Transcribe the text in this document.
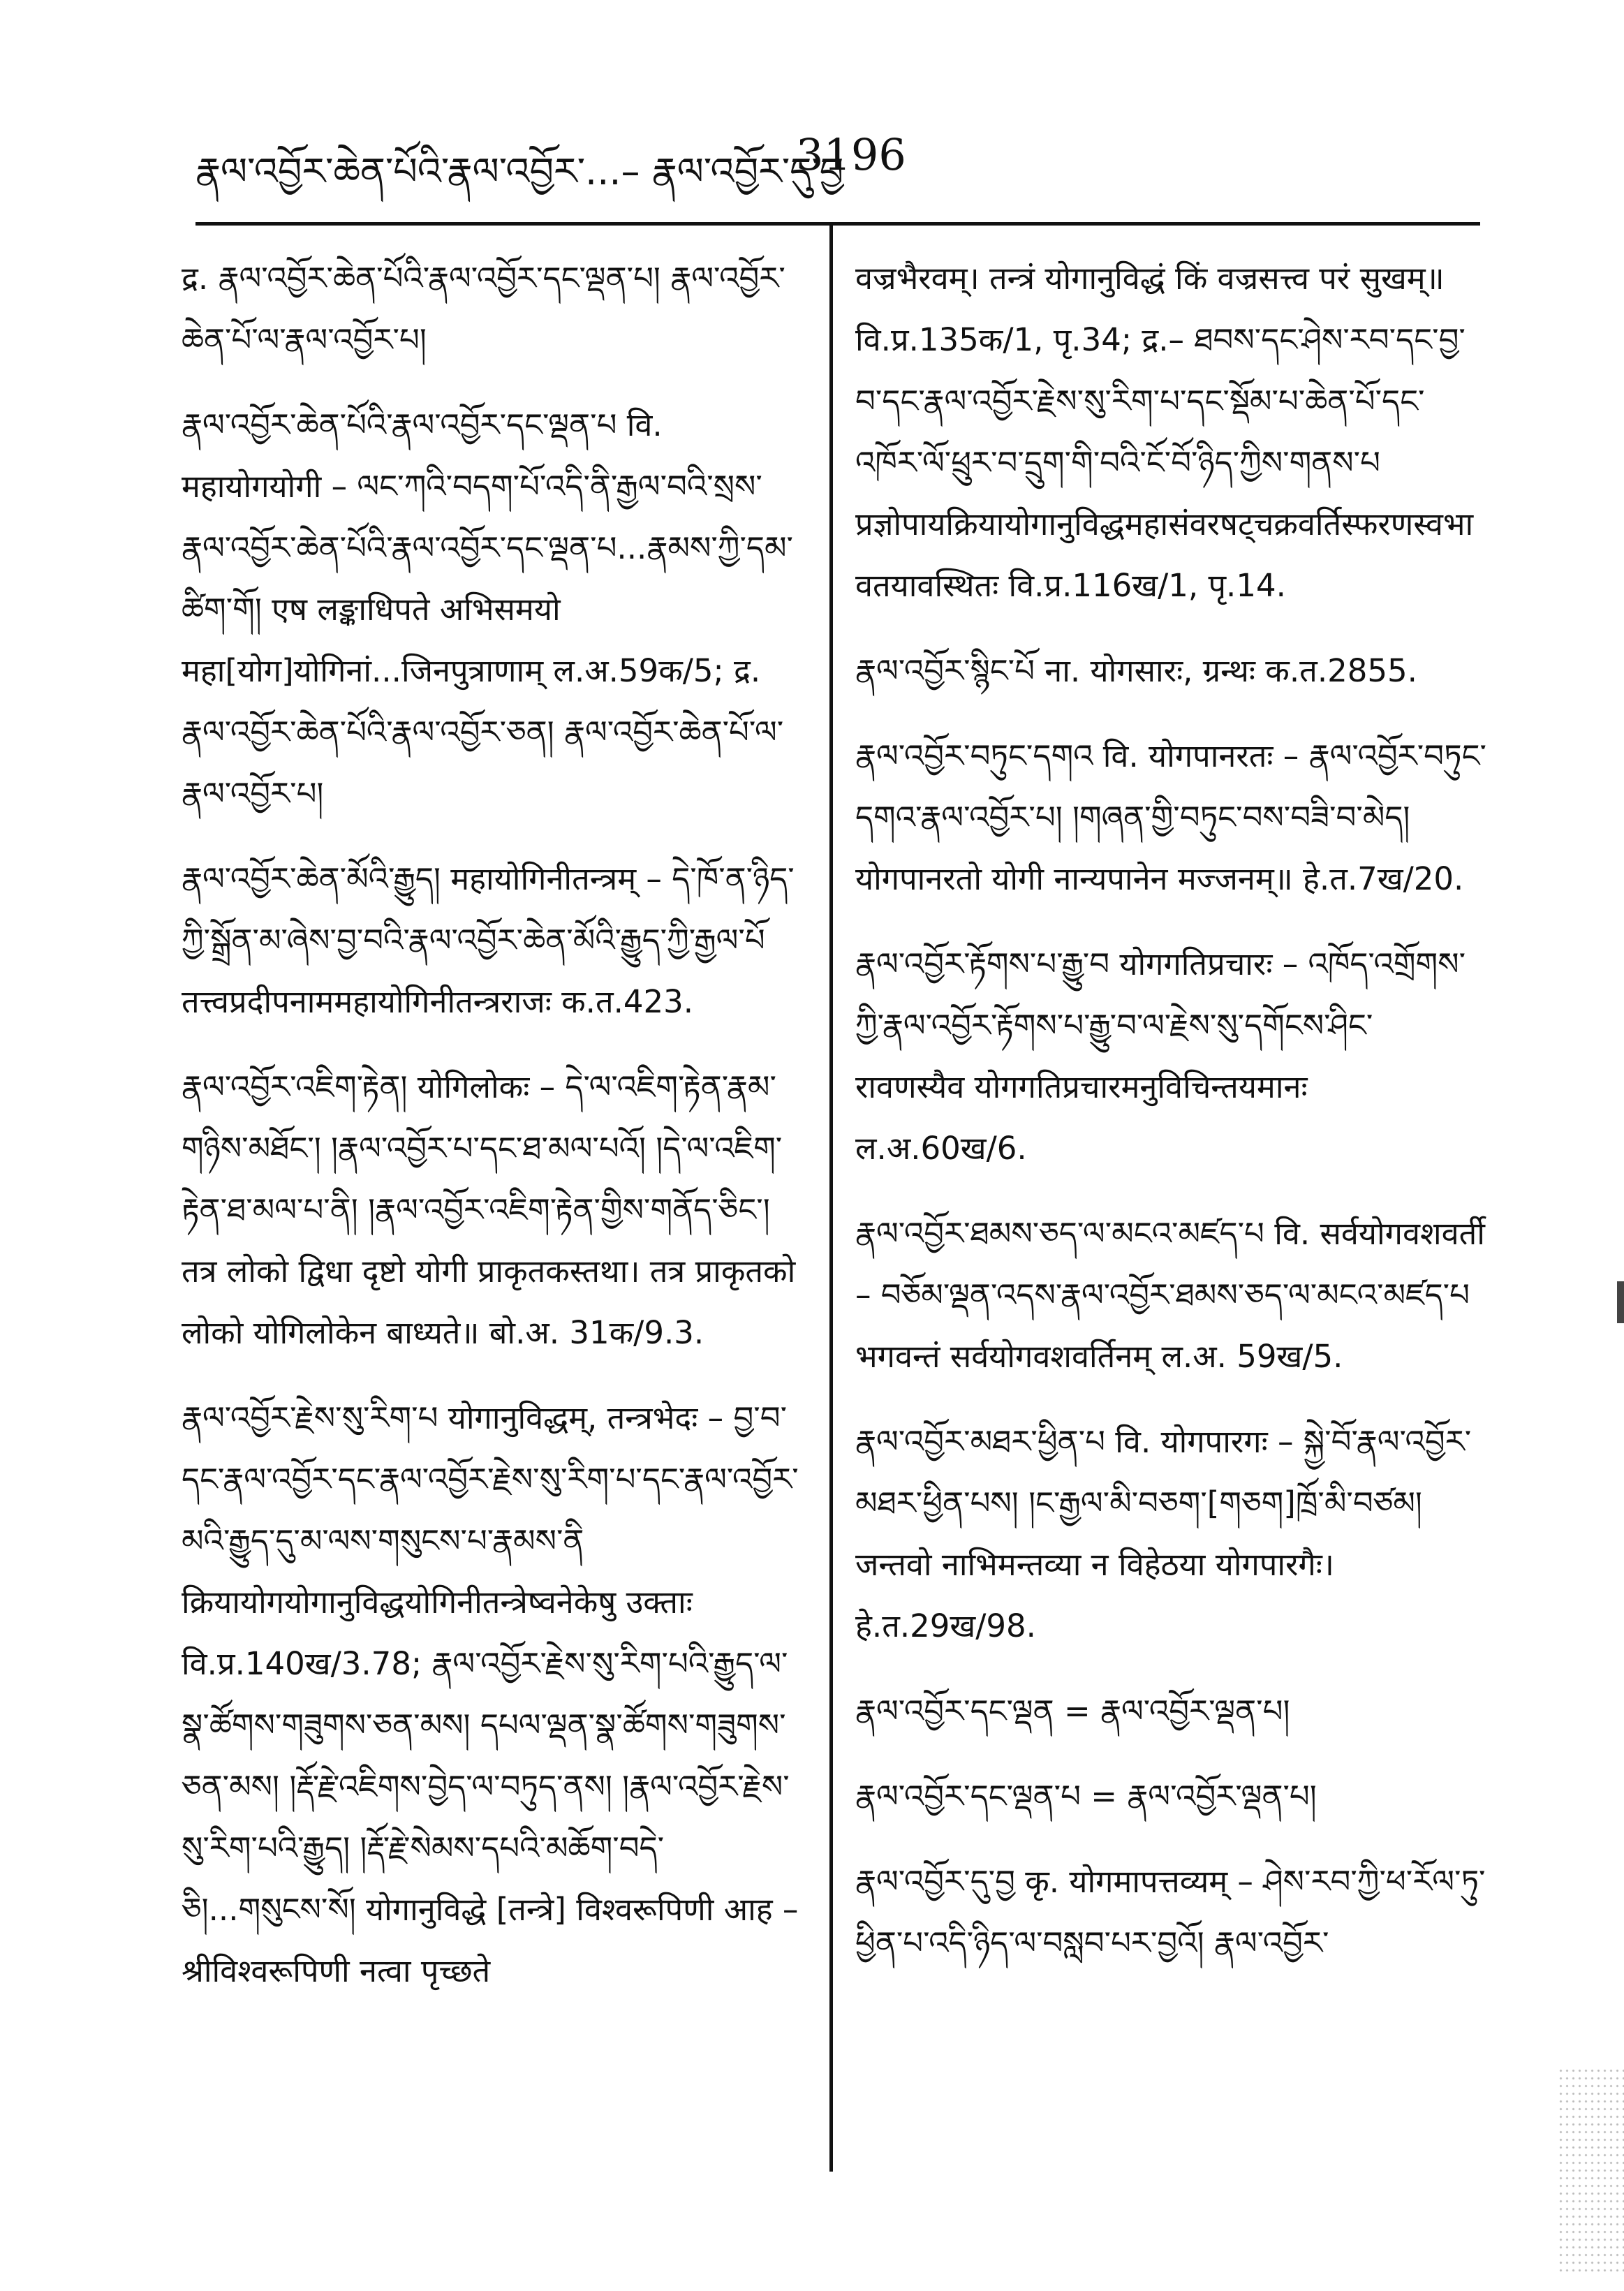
རྣལ་འབྱོར་ཆེན་པོའི་རྣལ་འབྱོར་...– རྣལ་འབྱོར་དུ་བྱ
3196
द्र. རྣལ་འབྱོར་ཆེན་པོའི་རྣལ་འབྱོར་དང་ལྡན་པ། རྣལ་འབྱོར་ཆེན་པོ་ལ་རྣལ་འབྱོར་པ།
རྣལ་འབྱོར་ཆེན་པོའི་རྣལ་འབྱོར་དང་ལྡན་པ वि. महायोगयोगी – ལང་ཀའི་བདག་པོ་འདི་ནི་རྒྱལ་བའི་སྲས་རྣལ་འབྱོར་ཆེན་པོའི་རྣལ་འབྱོར་དང་ལྡན་པ...རྣམས་ཀྱི་དམ་ཚིག་གོ། एष लङ्काधिपते अभिसमयो महा[योग]योगिनां...जिनपुत्राणाम् ल.अ.59क/5; द्र. རྣལ་འབྱོར་ཆེན་པོའི་རྣལ་འབྱོར་ཅན། རྣལ་འབྱོར་ཆེན་པོ་ལ་རྣལ་འབྱོར་པ།
རྣལ་འབྱོར་ཆེན་མོའི་རྒྱུད། महायोगिनीतन्त्रम् – དེ་ཁོ་ན་ཉིད་ཀྱི་སྒྲོན་མ་ཞེས་བྱ་བའི་རྣལ་འབྱོར་ཆེན་མོའི་རྒྱུད་ཀྱི་རྒྱལ་པོ तत्त्वप्रदीपनाममहायोगिनीतन्त्रराजः क.त.423.
རྣལ་འབྱོར་འཇིག་རྟེན། योगिलोकः – དེ་ལ་འཇིག་རྟེན་རྣམ་གཉིས་མཐོང་། །རྣལ་འབྱོར་པ་དང་ཐ་མལ་པའོ། །དེ་ལ་འཇིག་རྟེན་ཐ་མལ་པ་ནི། །རྣལ་འབྱོར་འཇིག་རྟེན་གྱིས་གནོད་ཅིང་། तत्र लोको द्विधा दृष्टो योगी प्राकृतकस्तथा। तत्र प्राकृतको लोको योगिलोकेन बाध्यते॥ बो.अ. 31क/9.3.
རྣལ་འབྱོར་རྗེས་སུ་རིག་པ योगानुविद्धम्, तन्त्रभेदः – བྱ་བ་དང་རྣལ་འབྱོར་དང་རྣལ་འབྱོར་རྗེས་སུ་རིག་པ་དང་རྣལ་འབྱོར་མའི་རྒྱུད་དུ་མ་ལས་གསུངས་པ་རྣམས་ནི क्रियायोगयोगानुविद्धयोगिनीतन्त्रेष्वनेकेषु उक्ताः वि.प्र.140ख/3.78; རྣལ་འབྱོར་རྗེས་སུ་རིག་པའི་རྒྱུད་ལ་སྣ་ཚོགས་གཟུགས་ཅན་མས། དཔལ་ལྡན་སྣ་ཚོགས་གཟུགས་ཅན་མས། །རྡོ་རྗེ་འཇིགས་བྱེད་ལ་བཏུད་ནས། །རྣལ་འབྱོར་རྗེས་སུ་རིག་པའི་རྒྱུད། །རྡོ་རྗེ་སེམས་དཔའི་མཆོག་བདེ་ཅི།...གསུངས་སོ། योगानुविद्धे [तन्त्रे] विश्वरूपिणी आह – श्रीविश्वरूपिणी नत्वा पृच्छते
वज्रभैरवम्। तन्त्रं योगानुविद्धं किं वज्रसत्त्व परं सुखम्॥ वि.प्र.135क/1, पृ.34; द्र.– ཐབས་དང་ཤེས་རབ་དང་བྱ་བ་དང་རྣལ་འབྱོར་རྗེས་སུ་རིག་པ་དང་སྡོམ་པ་ཆེན་པོ་དང་འཁོར་ལོ་ཕྲུར་བ་དྲུག་གི་བའི་ངོ་བོ་ཉིད་ཀྱིས་གནས་པ प्रज्ञोपायक्रियायोगानुविद्धमहासंवरषट्चक्रवर्तिस्फरणस्वभावतयावस्थितः वि.प्र.116ख/1, पृ.14.
རྣལ་འབྱོར་སྙིང་པོ ना. योगसारः, ग्रन्थः क.त.2855.
རྣལ་འབྱོར་བཏུང་དགའ वि. योगपानरतः – རྣལ་འབྱོར་བཏུང་དགའ་རྣལ་འབྱོར་པ། །གཞན་གྱི་བཏུང་བས་བཟི་བ་མེད། योगपानरतो योगी नान्यपानेन मज्जनम्॥ हे.त.7ख/20.
རྣལ་འབྱོར་རྟོགས་པ་རྒྱུ་བ योगगतिप्रचारः – འཁོད་འགྲོགས་ཀྱི་རྣལ་འབྱོར་རྟོགས་པ་རྒྱུ་བ་ལ་རྗེས་སུ་དགོངས་ཤིང་ रावणस्यैव योगगतिप्रचारमनुविचिन्तयमानः ल.अ.60ख/6.
རྣལ་འབྱོར་ཐམས་ཅད་ལ་མངའ་མཛད་པ वि. सर्वयोगवशवर्ती – བཅོམ་ལྡན་འདས་རྣལ་འབྱོར་ཐམས་ཅད་ལ་མངའ་མཛད་པ भगवन्तं सर्वयोगवशवर्तिनम् ल.अ. 59ख/5.
རྣལ་འབྱོར་མཐར་ཕྱིན་པ वि. योगपारगः – སྐྱེ་བོ་རྣལ་འབྱོར་མཐར་ཕྱིན་པས། །ང་རྒྱལ་མི་བཅག་[གཅག]ཁྲོ་མི་བཙམ། जन्तवो नाभिमन्तव्या न विहेठया योगपारगैः। हे.त.29ख/98.
རྣལ་འབྱོར་དང་ལྡན = རྣལ་འབྱོར་ལྡན་པ།
རྣལ་འབྱོར་དང་ལྡན་པ = རྣལ་འབྱོར་ལྡན་པ།
རྣལ་འབྱོར་དུ་བྱ कृ. योगमापत्तव्यम् – ཤེས་རབ་ཀྱི་ཕ་རོལ་ཏུ་ཕྱིན་པ་འདི་ཉིད་ལ་བསླབ་པར་བྱའོ། རྣལ་འབྱོར་
